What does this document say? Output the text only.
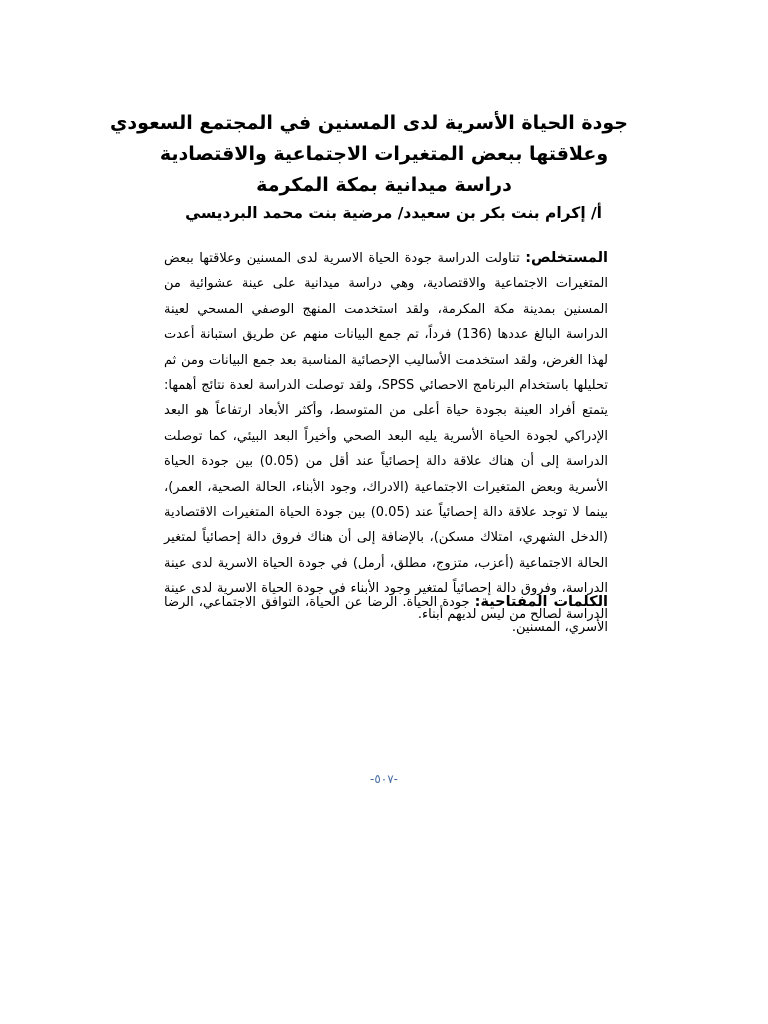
جودة الحياة الأسرية لدى المسنين في المجتمع السعودي

وعلاقتها ببعض المتغيرات الاجتماعية والاقتصادية

دراسة ميدانية بمكة المكرمة

أ/ إكرام بنت بكر بن سعيد
د/ مرضية بنت محمد البرديسي
المستخلص: تناولت الدراسة جودة الحياة الاسرية لدى المسنين وعلاقتها ببعض المتغيرات الاجتماعية والاقتصادية، وهي دراسة ميدانية على عينة عشوائية من المسنين بمدينة مكة المكرمة، ولقد استخدمت المنهج الوصفي المسحي لعينة الدراسة البالغ عددها (136) فرداً، تم جمع البيانات منهم عن طريق استبانة أعدت لهذا الغرض، ولقد استخدمت الأساليب الإحصائية المناسبة بعد جمع البيانات ومن ثم تحليلها باستخدام البرنامج الاحصائي SPSS، ولقد توصلت الدراسة لعدة نتائج أهمها: يتمتع أفراد العينة بجودة حياة أعلى من المتوسط، وأكثر الأبعاد ارتفاعاً هو البعد الإدراكي لجودة الحياة الأسرية يليه البعد الصحي وأخيراً البعد البيئي، كما توصلت الدراسة إلى أن هناك علاقة دالة إحصائياً عند أقل من (0.05) بين جودة الحياة الأسرية وبعض المتغيرات الاجتماعية (الادراك، وجود الأبناء، الحالة الصحية، العمر)، بينما لا توجد علاقة دالة إحصائياً عند (0.05) بين جودة الحياة المتغيرات الاقتصادية (الدخل الشهري، امتلاك مسكن)، بالإضافة إلى أن هناك فروق دالة إحصائياً لمتغير الحالة الاجتماعية (أعزب، متزوج، مطلق، أرمل) في جودة الحياة الاسرية لدى عينة الدراسة، وفروق دالة إحصائياً لمتغير وجود الأبناء في جودة الحياة الاسرية لدى عينة الدراسة لصالح من ليس لديهم أبناء.
الكلمات المفتاحية: جودة الحياة. الرضا عن الحياة، التوافق الاجتماعي، الرضا الأسري، المسنين.
-٥٠٧-
